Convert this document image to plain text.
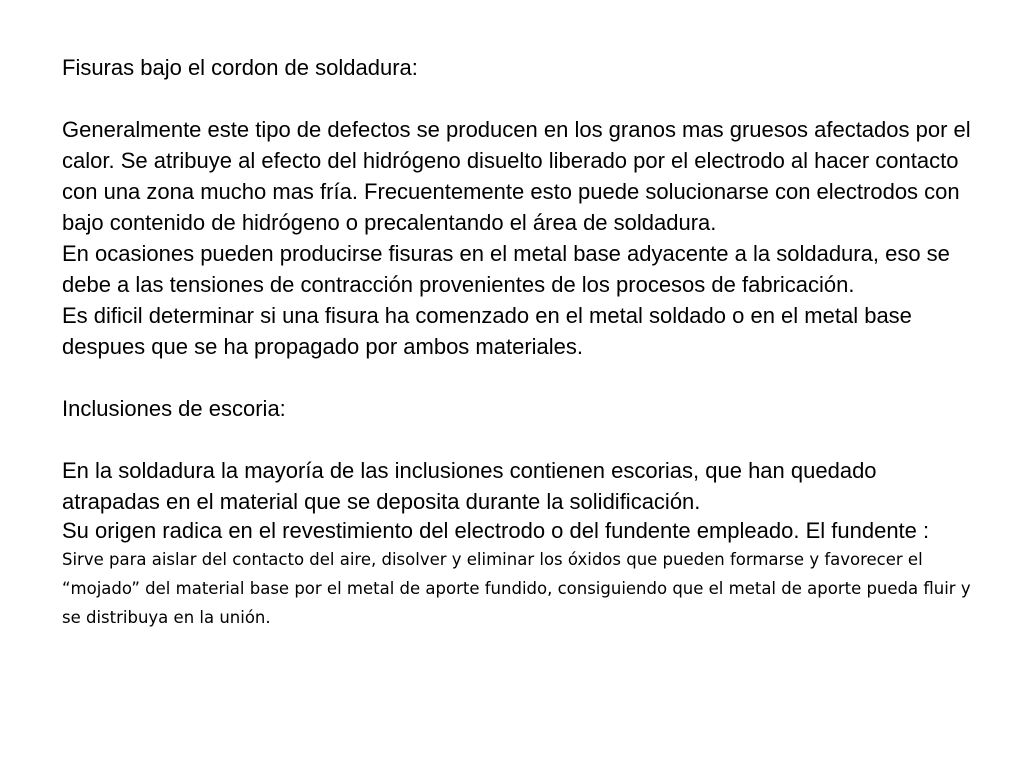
Fisuras bajo el cordon de soldadura:

Generalmente este tipo de defectos se producen en los granos mas gruesos afectados por el calor. Se atribuye al efecto del hidrógeno disuelto liberado por el electrodo al hacer contacto con una zona mucho mas fría. Frecuentemente esto puede solucionarse con electrodos con bajo contenido de hidrógeno o precalentando el área de soldadura.

En ocasiones pueden producirse fisuras en el metal base adyacente a la soldadura, eso se debe a las tensiones de contracción provenientes de los procesos de fabricación.

Es dificil determinar si una fisura ha comenzado en el metal soldado o en el metal base despues que se ha propagado por ambos materiales.

Inclusiones de escoria:

En la soldadura la mayoría de las inclusiones contienen escorias, que han quedado atrapadas en el material que se deposita durante la solidificación.

Su origen radica en el revestimiento del electrodo o del fundente empleado. El fundente : Sirve para aislar del contacto del aire, disolver y eliminar los óxidos que pueden formarse y favorecer el “mojado” del material base por el metal de aporte fundido, consiguiendo que el metal de aporte pueda fluir y se distribuya en la unión.
